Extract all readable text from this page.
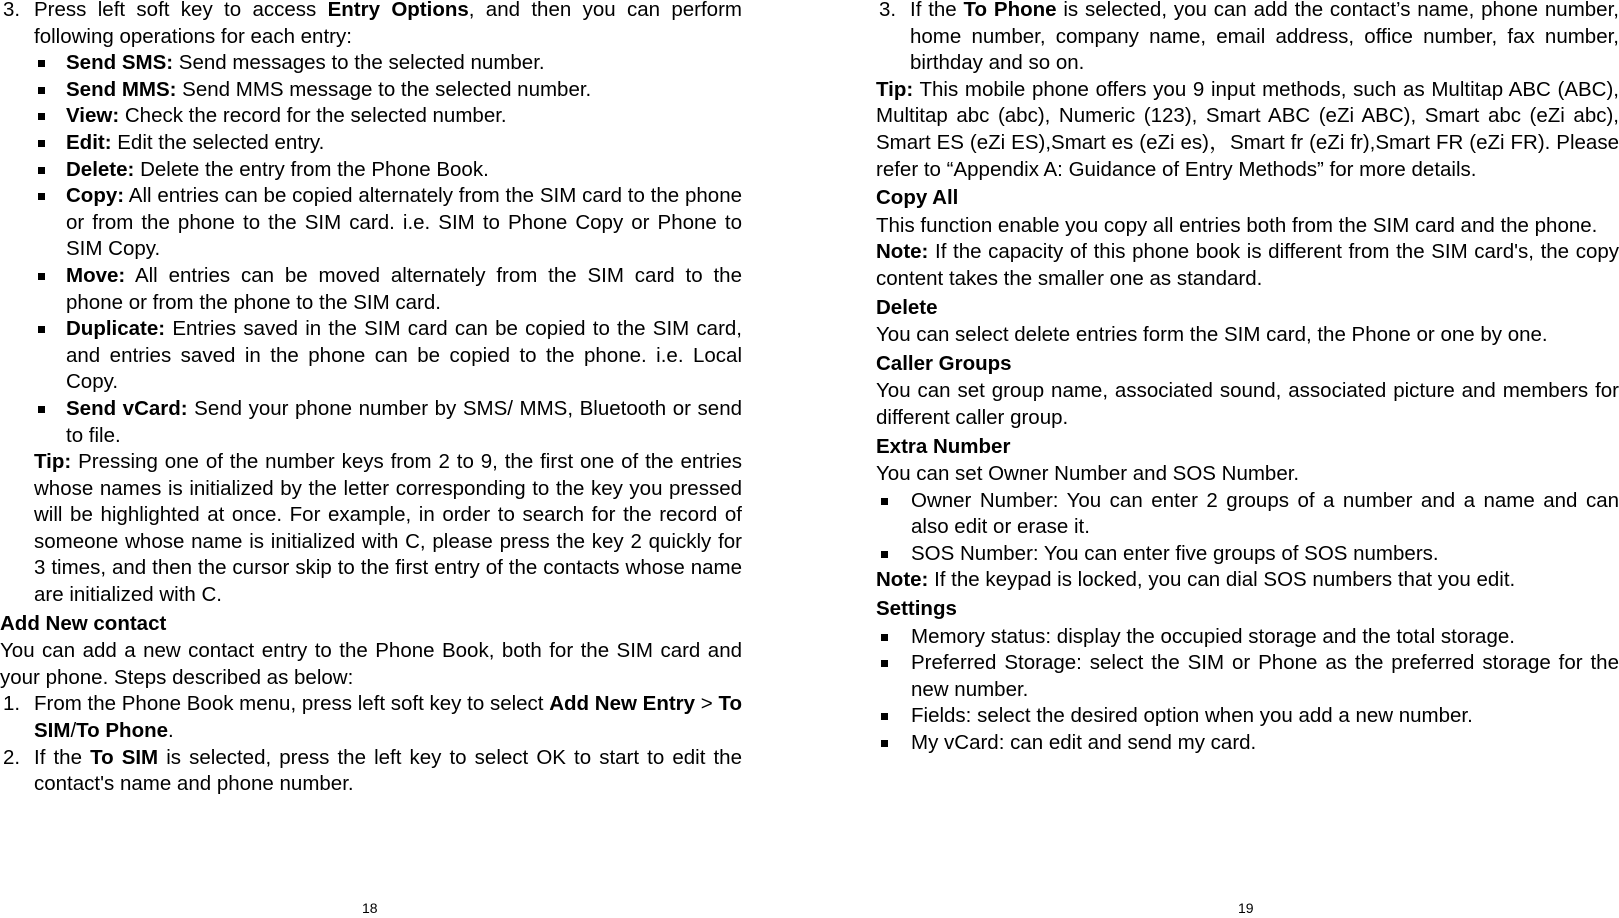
3. Press left soft key to access Entry Options, and then you can perform following operations for each entry:
Send SMS: Send messages to the selected number.
Send MMS: Send MMS message to the selected number.
View: Check the record for the selected number.
Edit: Edit the selected entry.
Delete: Delete the entry from the Phone Book.
Copy: All entries can be copied alternately from the SIM card to the phone or from the phone to the SIM card. i.e. SIM to Phone Copy or Phone to SIM Copy.
Move: All entries can be moved alternately from the SIM card to the phone or from the phone to the SIM card.
Duplicate: Entries saved in the SIM card can be copied to the SIM card, and entries saved in the phone can be copied to the phone. i.e. Local Copy.
Send vCard: Send your phone number by SMS/ MMS, Bluetooth or send to file.
Tip: Pressing one of the number keys from 2 to 9, the first one of the entries whose names is initialized by the letter corresponding to the key you pressed will be highlighted at once. For example, in order to search for the record of someone whose name is initialized with C, please press the key 2 quickly for 3 times, and then the cursor skip to the first entry of the contacts whose name are initialized with C.
Add New contact

You can add a new contact entry to the Phone Book, both for the SIM card and your phone. Steps described as below:

1. From the Phone Book menu, press left soft key to select Add New Entry > To SIM/To Phone.
2. If the To SIM is selected, press the left key to select OK to start to edit the contact's name and phone number.
18
3. If the To Phone is selected, you can add the contact’s name, phone number, home number, company name, email address, office number, fax number, birthday and so on.

Tip: This mobile phone offers you 9 input methods, such as Multitap ABC (ABC), Multitap abc (abc), Numeric (123), Smart ABC (eZi ABC), Smart abc (eZi abc), Smart ES (eZi ES),Smart es (eZi es)，Smart fr (eZi fr),Smart FR (eZi FR). Please refer to “Appendix A: Guidance of Entry Methods” for more details.

Copy All

This function enable you copy all entries both from the SIM card and the phone.

Note: If the capacity of this phone book is different from the SIM card's, the copy content takes the smaller one as standard.

Delete

You can select delete entries form the SIM card, the Phone or one by one.

Caller Groups

You can set group name, associated sound, associated picture and members for different caller group.

Extra Number

You can set Owner Number and SOS Number.

Owner Number: You can enter 2 groups of a number and a name and can also edit or erase it.
SOS Number: You can enter five groups of SOS numbers.

Note: If the keypad is locked, you can dial SOS numbers that you edit.

Settings
Memory status: display the occupied storage and the total storage.
Preferred Storage: select the SIM or Phone as the preferred storage for the new number.
Fields: select the desired option when you add a new number.
My vCard: can edit and send my card.
19
